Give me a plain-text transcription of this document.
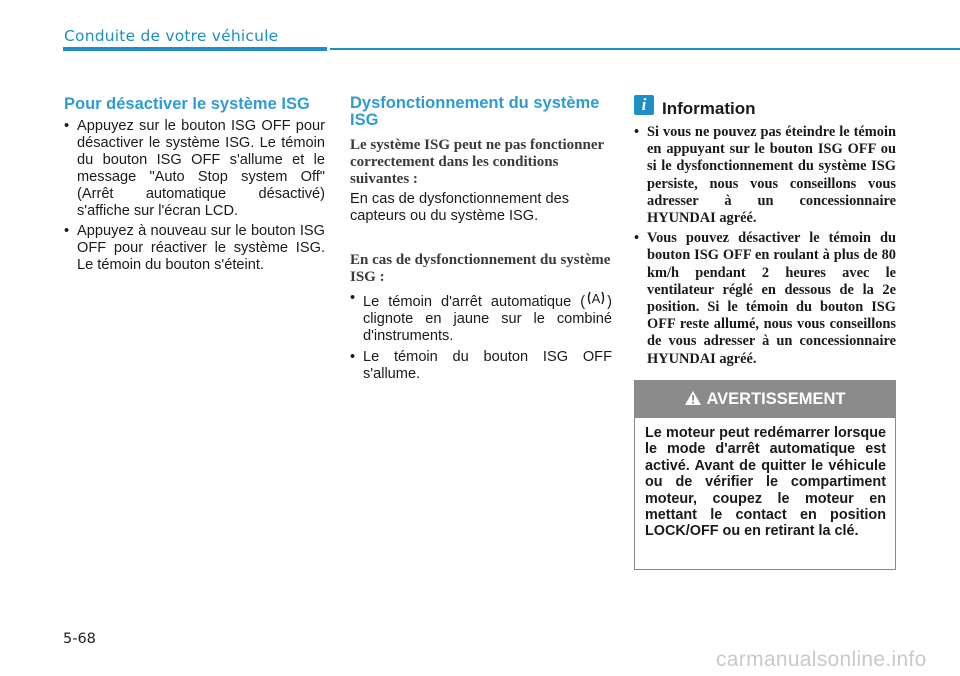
Conduite de votre véhicule
Pour désactiver le système ISG
• Appuyez sur le bouton ISG OFF pour désactiver le système ISG. Le témoin du bouton ISG OFF s'allume et le message "Auto Stop system Off" (Arrêt automatique désactivé) s'affiche sur l'écran LCD.
• Appuyez à nouveau sur le bouton ISG OFF pour réactiver le système ISG. Le témoin du bouton s'éteint.
Dysfonctionnement du système ISG

Le système ISG peut ne pas fonctionner correctement dans les conditions suivantes :

En cas de dysfonctionnement des capteurs ou du système ISG.

En cas de dysfonctionnement du système ISG :

• Le témoin d'arrêt automatique ( A ) clignote en jaune sur le combiné d'instruments.
• Le témoin du bouton ISG OFF s'allume.
i Information

• Si vous ne pouvez pas éteindre le témoin en appuyant sur le bouton ISG OFF ou si le dysfonctionnement du système ISG persiste, nous vous conseillons vous adresser à un concessionnaire HYUNDAI agréé.
• Vous pouvez désactiver le témoin du bouton ISG OFF en roulant à plus de 80 km/h pendant 2 heures avec le ventilateur réglé en dessous de la 2e position. Si le témoin du bouton ISG OFF reste allumé, nous vous conseillons de vous adresser à un concessionnaire HYUNDAI agréé.
AVERTISSEMENT

Le moteur peut redémarrer lorsque le mode d'arrêt automatique est activé. Avant de quitter le véhicule ou de vérifier le compartiment moteur, coupez le moteur en mettant le contact en position LOCK/OFF ou en retirant la clé.

5-68
carmanualsonline.info
